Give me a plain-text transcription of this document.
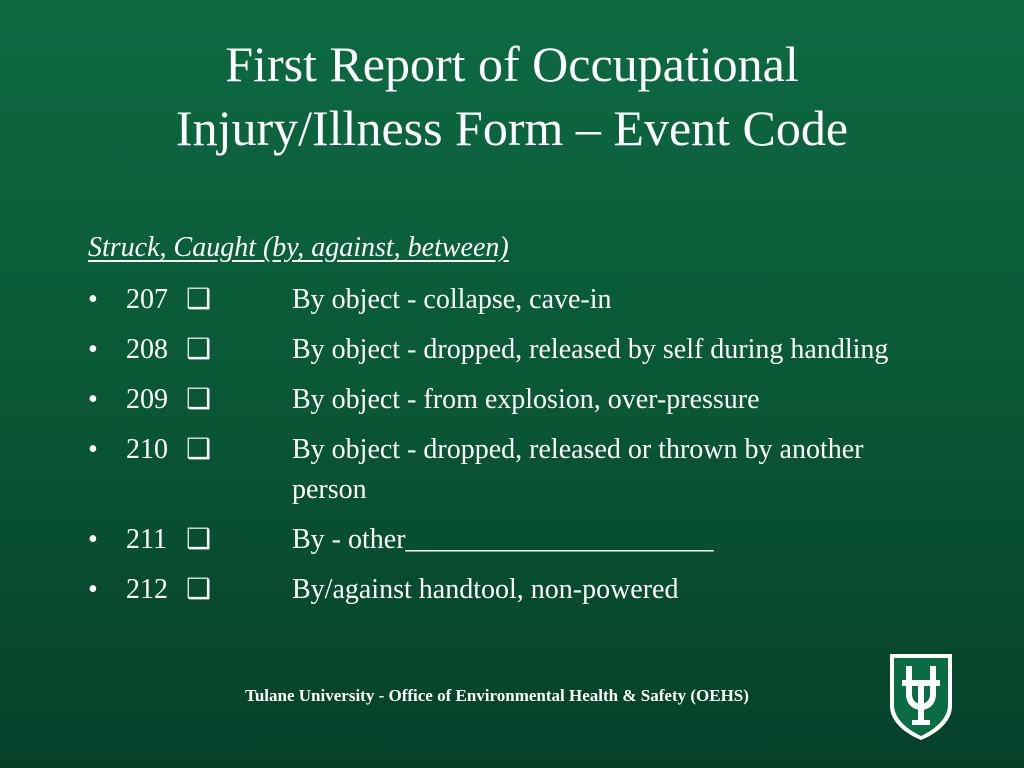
First Report of Occupational
Injury/Illness Form – Event Code
Struck, Caught (by, against, between)
• 207 ❑	By object - collapse, cave-in
• 208 ❑	By object - dropped, released by self during handling
• 209 ❑	By object - from explosion, over-pressure
• 210 ❑	By object - dropped, released or thrown by another person
• 211 ❑	By - other______________________
• 212 ❑	By/against handtool, non-powered
Tulane University - Office of Environmental Health & Safety (OEHS)
